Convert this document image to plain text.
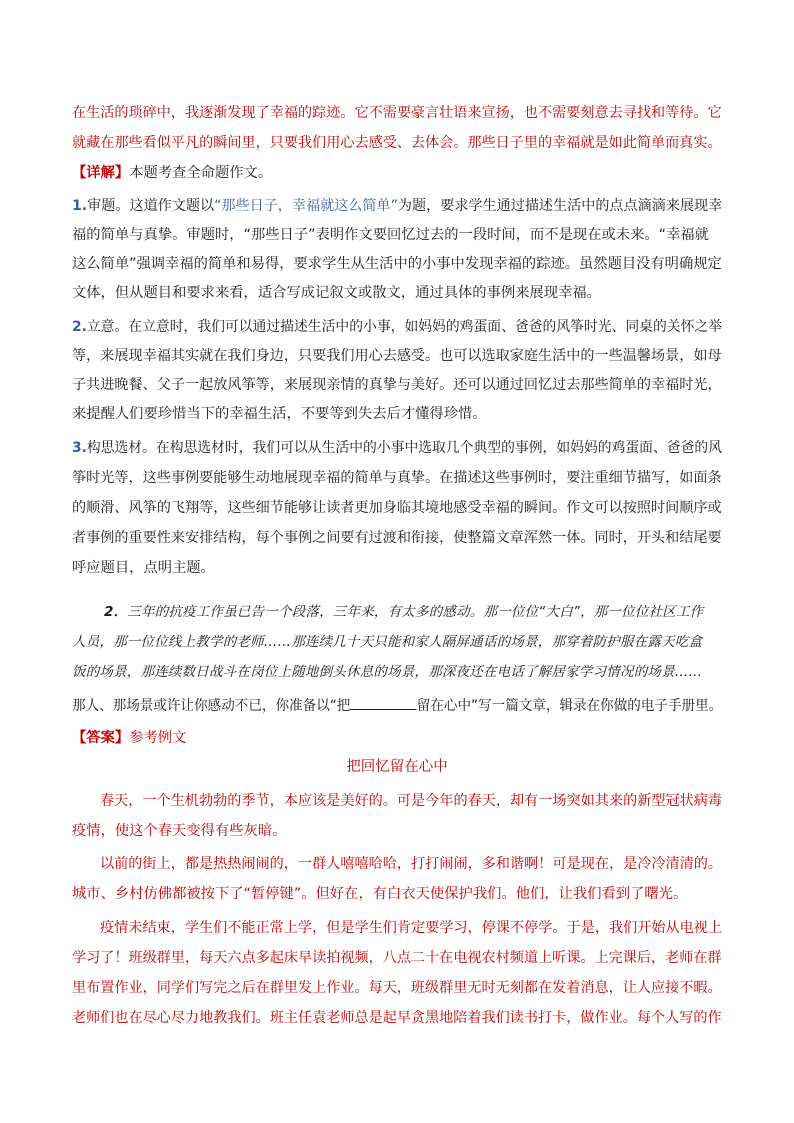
在生活的琐碎中，我逐渐发现了幸福的踪迹。它不需要豪言壮语来宣扬，也不需要刻意去寻找和等待。它
就藏在那些看似平凡的瞬间里，只要我们用心去感受、去体会。那些日子里的幸福就是如此简单而真实。
【详解】本题考查全命题作文。
1.审题。这道作文题以“那些日子，幸福就这么简单”为题，要求学生通过描述生活中的点点滴滴来展现幸
福的简单与真挚。审题时，“那些日子”表明作文要回忆过去的一段时间，而不是现在或未来。“幸福就
这么简单”强调幸福的简单和易得，要求学生从生活中的小事中发现幸福的踪迹。虽然题目没有明确规定
文体，但从题目和要求来看，适合写成记叙文或散文，通过具体的事例来展现幸福。
2.立意。在立意时，我们可以通过描述生活中的小事，如妈妈的鸡蛋面、爸爸的风筝时光、同桌的关怀之举
等，来展现幸福其实就在我们身边，只要我们用心去感受。也可以选取家庭生活中的一些温馨场景，如母
子共进晚餐、父子一起放风筝等，来展现亲情的真挚与美好。还可以通过回忆过去那些简单的幸福时光，
来提醒人们要珍惜当下的幸福生活，不要等到失去后才懂得珍惜。
3.构思选材。在构思选材时，我们可以从生活中的小事中选取几个典型的事例，如妈妈的鸡蛋面、爸爸的风
筝时光等，这些事例要能够生动地展现幸福的简单与真挚。在描述这些事例时，要注重细节描写，如面条
的顺滑、风筝的飞翔等，这些细节能够让读者更加身临其境地感受幸福的瞬间。作文可以按照时间顺序或
者事例的重要性来安排结构，每个事例之间要有过渡和衔接，使整篇文章浑然一体。同时，开头和结尾要
呼应题目，点明主题。
2．三年的抗疫工作虽已告一个段落，三年来，有太多的感动。那一位位“大白”，那一位位社区工作
人员，那一位位线上教学的老师……那连续几十天只能和家人隔屏通话的场景，那穿着防护服在露天吃盒
饭的场景，那连续数日战斗在岗位上随地倒头休息的场景，那深夜还在电话了解居家学习情况的场景……
那人、那场景或许让你感动不已，你准备以“把	留在心中”写一篇文章，辑录在你做的电子手册里。
【答案】参考例文
把回忆留在心中
春天，一个生机勃勃的季节，本应该是美好的。可是今年的春天，却有一场突如其来的新型冠状病毒
疫情，使这个春天变得有些灰暗。
以前的街上，都是热热闹闹的，一群人嘻嘻哈哈，打打闹闹，多和谐啊！可是现在，是冷冷清清的。
城市、乡村仿佛都被按下了“暂停键”。但好在，有白衣天使保护我们。他们，让我们看到了曙光。
疫情未结束，学生们不能正常上学，但是学生们肯定要学习，停课不停学。于是，我们开始从电视上
学习了！班级群里，每天六点多起床早读拍视频，八点二十在电视农村频道上听课。上完课后，老师在群
里布置作业，同学们写完之后在群里发上作业。每天，班级群里无时无刻都在发着消息，让人应接不暇。
老师们也在尽心尽力地教我们。班主任袁老师总是起早贪黑地陪着我们读书打卡，做作业。每个人写的作
